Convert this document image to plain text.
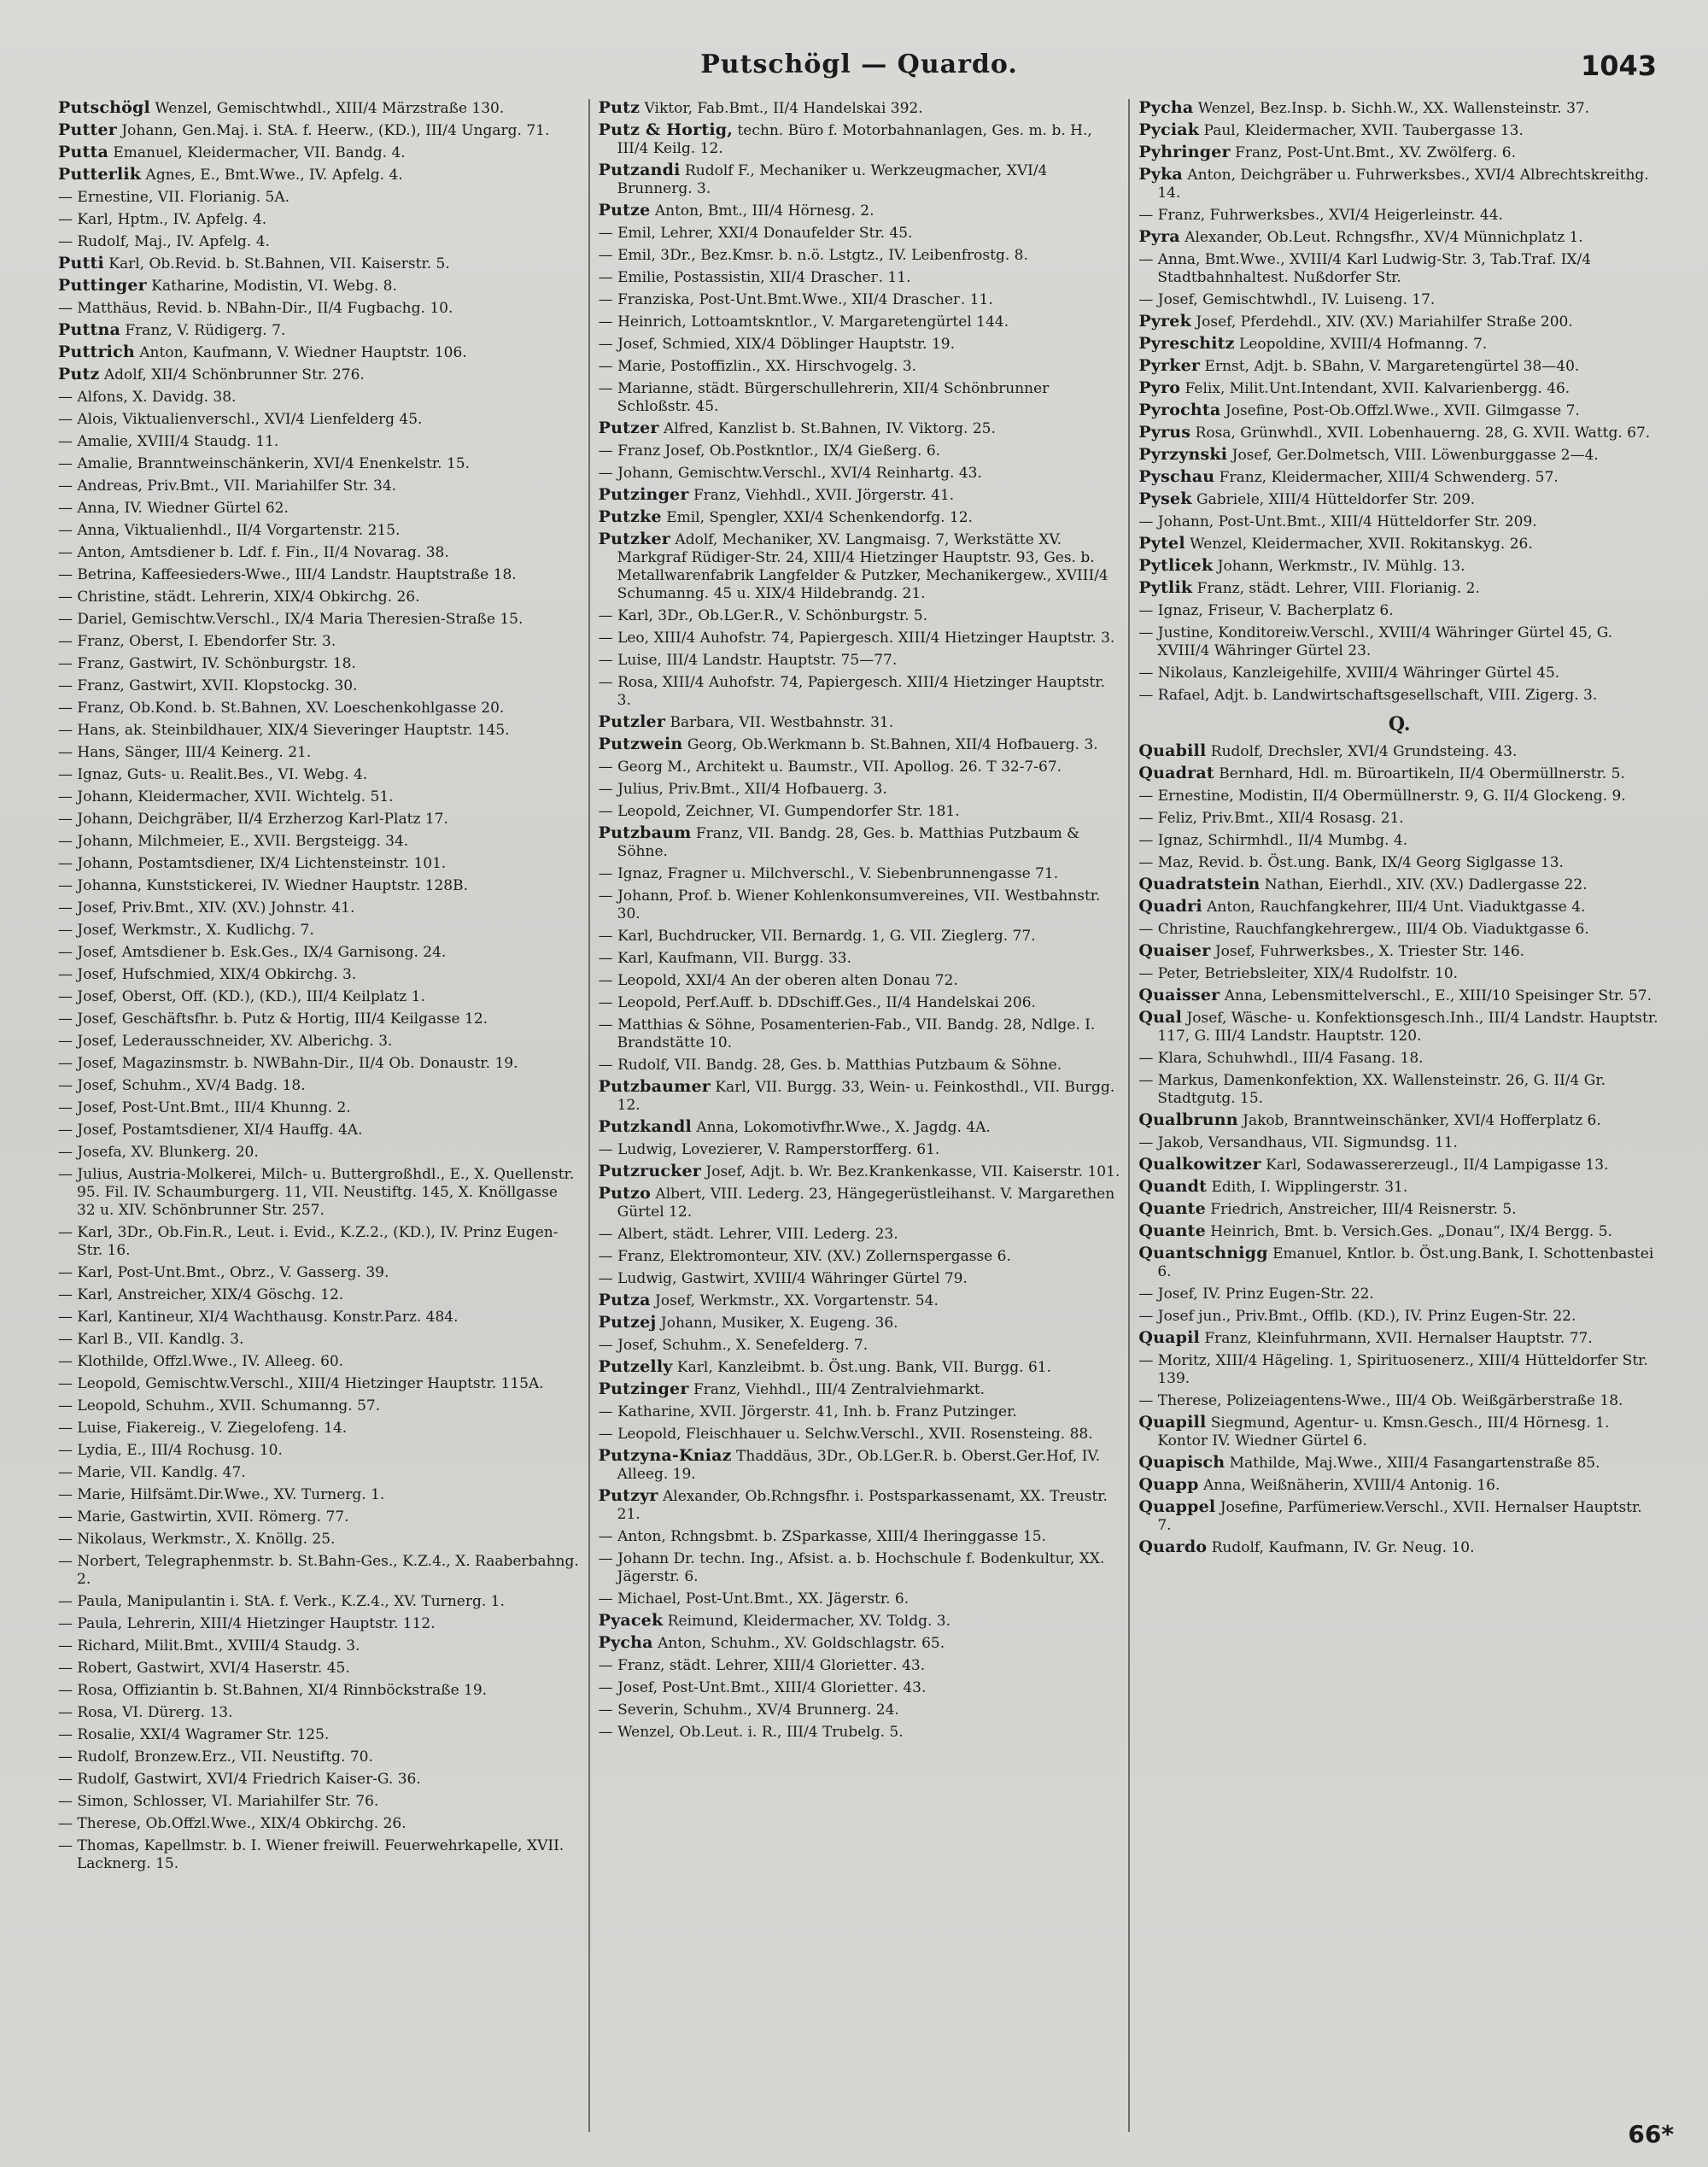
Putschögl — Quardo.	1043
Putschögl Wenzel, Gemischtwhdl., XIII/4 Märzstraße 130.
Putter Johann, Gen.Maj. i. StA. f. Heerw., (KD.), III/4 Ungarg. 71.
Putta Emanuel, Kleidermacher, VII. Bandg. 4.
Putterlik Agnes, E., Bmt.Wwe., IV. Apfelg. 4.
— Ernestine, VII. Florianig. 5A.
— Karl, Hptm., IV. Apfelg. 4.
— Rudolf, Maj., IV. Apfelg. 4.
Putti Karl, Ob.Revid. b. St.Bahnen, VII. Kaiserstr. 5.
Puttinger Katharine, Modistin, VI. Webg. 8.
— Matthäus, Revid. b. NBahn-Dir., II/4 Fugbachg. 10.
Puttna Franz, V. Rüdigerg. 7.
Puttrich Anton, Kaufmann, V. Wiedner Hauptstr. 106.
Putz Adolf, XII/4 Schönbrunner Str. 276.
— Alfons, X. Davidg. 38.
— Alois, Viktualienverschl., XVI/4 Lienfelderg 45.
— Amalie, XVIII/4 Staudg. 11.
— Amalie, Branntweinschänkerin, XVI/4 Enenkelstr. 15.
— Andreas, Priv.Bmt., VII. Mariahilfer Str. 34.
— Anna, IV. Wiedner Gürtel 62.
— Anna, Viktualienhdl., II/4 Vorgartenstr. 215.
— Anton, Amtsdiener b. Ldf. f. Fin., II/4 Novarag. 38.
— Betrina, Kaffeesieders-Wwe., III/4 Landstr. Hauptstraße 18.
— Christine, städt. Lehrerin, XIX/4 Obkirchg. 26.
— Dariel, Gemischtw.Verschl., IX/4 Maria Theresien-Straße 15.
— Franz, Oberst, I. Ebendorfer Str. 3.
— Franz, Gastwirt, IV. Schönburgstr. 18.
— Franz, Gastwirt, XVII. Klopstockg. 30.
— Franz, Ob.Kond. b. St.Bahnen, XV. Loeschenkohlgasse 20.
— Hans, ak. Steinbildhauer, XIX/4 Sieveringer Hauptstr. 145.
— Hans, Sänger, III/4 Keinerg. 21.
— Ignaz, Guts- u. Realit.Bes., VI. Webg. 4.
— Johann, Kleidermacher, XVII. Wichtelg. 51.
— Johann, Deichgräber, II/4 Erzherzog Karl-Platz 17.
— Johann, Milchmeier, E., XVII. Bergsteigg. 34.
— Johann, Postamtsdiener, IX/4 Lichtensteinstr. 101.
— Johanna, Kunststickerei, IV. Wiedner Hauptstr. 128B.
— Josef, Priv.Bmt., XIV. (XV.) Johnstr. 41.
— Josef, Werkmstr., X. Kudlichg. 7.
— Josef, Amtsdiener b. Esk.Ges., IX/4 Garnisong. 24.
— Josef, Hufschmied, XIX/4 Obkirchg. 3.
— Josef, Oberst, Off. (KD.), (KD.), III/4 Keilplatz 1.
— Josef, Geschäftsfhr. b. Putz & Hortig, III/4 Keilgasse 12.
— Josef, Lederausschneider, XV. Alberichg. 3.
— Josef, Magazinsmstr. b. NWBahn-Dir., II/4 Ob. Donaustr. 19.
— Josef, Schuhm., XV/4 Badg. 18.
— Josef, Post-Unt.Bmt., III/4 Khunng. 2.
— Josef, Postamtsdiener, XI/4 Hauffg. 4A.
— Josefa, XV. Blunkerg. 20.
— Julius, Austria-Molkerei, Milch- u. Buttergroßhdl., E., X. Quellenstr. 95. Fil. IV. Schaumburgerg. 11, VII. Neustiftg. 145, X. Knöllgasse 32 u. XIV. Schönbrunner Str. 257.
— Karl, 3Dr., Ob.Fin.R., Leut. i. Evid., K.Z.2., (KD.), IV. Prinz Eugen-Str. 16.
— Karl, Post-Unt.Bmt., Obrz., V. Gasserg. 39.
— Karl, Anstreicher, XIX/4 Göschg. 12.
— Karl, Kantineur, XI/4 Wachthausg. Konstr.Parz. 484.
— Karl B., VII. Kandlg. 3.
— Klothilde, Offzl.Wwe., IV. Alleeg. 60.
— Leopold, Gemischtw.Verschl., XIII/4 Hietzinger Hauptstr. 115A.
— Leopold, Schuhm., XVII. Schumanng. 57.
— Luise, Fiakereig., V. Ziegelofeng. 14.
— Lydia, E., III/4 Rochusg. 10.
— Marie, VII. Kandlg. 47.
— Marie, Hilfsämt.Dir.Wwe., XV. Turnerg. 1.
— Marie, Gastwirtin, XVII. Römerg. 77.
— Nikolaus, Werkmstr., X. Knöllg. 25.
— Norbert, Telegraphenmstr. b. St.Bahn-Ges., K.Z.4., X. Raaberbahng. 2.
— Paula, Manipulantin i. StA. f. Verk., K.Z.4., XV. Turnerg. 1.
— Paula, Lehrerin, XIII/4 Hietzinger Hauptstr. 112.
— Richard, Milit.Bmt., XVIII/4 Staudg. 3.
— Robert, Gastwirt, XVI/4 Haserstr. 45.
— Rosa, Offiziantin b. St.Bahnen, XI/4 Rinnböckstraße 19.
— Rosa, VI. Dürerg. 13.
— Rosalie, XXI/4 Wagramer Str. 125.
— Rudolf, Bronzew.Erz., VII. Neustiftg. 70.
— Rudolf, Gastwirt, XVI/4 Friedrich Kaiser-G. 36.
— Simon, Schlosser, VI. Mariahilfer Str. 76.
— Therese, Ob.Offzl.Wwe., XIX/4 Obkirchg. 26.
— Thomas, Kapellmstr. b. I. Wiener freiwill. Feuerwehrkapelle, XVII. Lacknerg. 15.
Putz Viktor, Fab.Bmt., II/4 Handelskai 392.
Putz & Hortig, techn. Büro f. Motorbahnanlagen, Ges. m. b. H., III/4 Keilg. 12.
Putzandi Rudolf F., Mechaniker u. Werkzeugmacher, XVI/4 Brunnerg. 3.
Putze Anton, Bmt., III/4 Hörnesg. 2.
— Emil, Lehrer, XXI/4 Donaufelder Str. 45.
— Emil, 3Dr., Bez.Kmsr. b. n.ö. Lstgtz., IV. Leibenfrostg. 8.
— Emilie, Postassistin, XII/4 Draschег. 11.
— Franziska, Post-Unt.Bmt.Wwe., XII/4 Draschег. 11.
— Heinrich, Lottoamtskntlor., V. Margaretengürtel 144.
— Josef, Schmied, XIX/4 Döblinger Hauptstr. 19.
— Marie, Postoffizlin., XX. Hirschvogelg. 3.
— Marianne, städt. Bürgerschullehrerin, XII/4 Schönbrunner Schloßstr. 45.
Putzer Alfred, Kanzlist b. St.Bahnen, IV. Viktorg. 25.
— Franz Josef, Ob.Postkntlor., IX/4 Gießerg. 6.
— Johann, Gemischtw.Verschl., XVI/4 Reinhartg. 43.
Putzinger Franz, Viehhdl., XVII. Jörgerstr. 41.
Putzke Emil, Spengler, XXI/4 Schenkendorfg. 12.
Putzker Adolf, Mechaniker, XV. Langmaisg. 7, Werkstätte XV. Markgraf Rüdiger-Str. 24, XIII/4 Hietzinger Hauptstr. 93, Ges. b. Metallwarenfabrik Langfelder & Putzker, Mechanikergew., XVIII/4 Schumanng. 45 u. XIX/4 Hildebrandg. 21.
— Karl, 3Dr., Ob.LGer.R., V. Schönburgstr. 5.
— Leo, XIII/4 Auhofstr. 74, Papiergesch. XIII/4 Hietzinger Hauptstr. 3.
— Luise, III/4 Landstr. Hauptstr. 75—77.
— Rosa, XIII/4 Auhofstr. 74, Papiergesch. XIII/4 Hietzinger Hauptstr. 3.
Putzler Barbara, VII. Westbahnstr. 31.
Putzwein Georg, Ob.Werkmann b. St.Bahnen, XII/4 Hofbauerg. 3.
— Georg M., Architekt u. Baumstr., VII. Apollog. 26. T 32-7-67.
— Julius, Priv.Bmt., XII/4 Hofbauerg. 3.
— Leopold, Zeichner, VI. Gumpendorfer Str. 181.
Putzbaum Franz, VII. Bandg. 28, Ges. b. Matthias Putzbaum & Söhne.
— Ignaz, Fragner u. Milchverschl., V. Siebenbrunnengasse 71.
— Johann, Prof. b. Wiener Kohlenkonsumvereines, VII. Westbahnstr. 30.
— Karl, Buchdrucker, VII. Bernardg. 1, G. VII. Zieglerg. 77.
— Karl, Kaufmann, VII. Burgg. 33.
— Leopold, XXI/4 An der oberen alten Donau 72.
— Leopold, Perf.Auff. b. DDschiff.Ges., II/4 Handelskai 206.
— Matthias & Söhne, Posamenterien-Fab., VII. Bandg. 28, Ndlge. I. Brandstätte 10.
— Rudolf, VII. Bandg. 28, Ges. b. Matthias Putzbaum & Söhne.
Putzbaumer Karl, VII. Burgg. 33, Wein- u. Feinkosthdl., VII. Burgg. 12.
Putzkandl Anna, Lokomotivfhr.Wwe., X. Jagdg. 4A.
— Ludwig, Lovezierer, V. Ramperstorfferg. 61.
Putzrucker Josef, Adjt. b. Wr. Bez.Krankenkasse, VII. Kaiserstr. 101.
Putzo Albert, VIII. Lederg. 23, Hängegerüstleihanst. V. Margarethen Gürtel 12.
— Albert, städt. Lehrer, VIII. Lederg. 23.
— Franz, Elektromonteur, XIV. (XV.) Zollernspergasse 6.
— Ludwig, Gastwirt, XVIII/4 Währinger Gürtel 79.
Putza Josef, Werkmstr., XX. Vorgartenstr. 54.
Putzej Johann, Musiker, X. Eugeng. 36.
— Josef, Schuhm., X. Senefelderg. 7.
Putzelly Karl, Kanzleibmt. b. Öst.ung. Bank, VII. Burgg. 61.
Putzinger Franz, Viehhdl., III/4 Zentralviehmarkt.
— Katharine, XVII. Jörgerstr. 41, Inh. b. Franz Putzinger.
— Leopold, Fleischhauer u. Selchw.Verschl., XVII. Rosensteing. 88.
Putzyna-Kniaz Thaddäus, 3Dr., Ob.LGer.R. b. Oberst.Ger.Hof, IV. Alleeg. 19.
Putzyr Alexander, Ob.Rchngsfhr. i. Postsparkassenamt, XX. Treustr. 21.
— Anton, Rchngsbmt. b. ZSparkasse, XIII/4 Iheringgasse 15.
— Johann Dr. techn. Ing., Afsist. a. b. Hochschule f. Bodenkultur, XX. Jägerstr. 6.
— Michael, Post-Unt.Bmt., XX. Jägerstr. 6.
Pyacek Reimund, Kleidermacher, XV. Toldg. 3.
Pycha Anton, Schuhm., XV. Goldschlagstr. 65.
— Franz, städt. Lehrer, XIII/4 Gloriettег. 43.
— Josef, Post-Unt.Bmt., XIII/4 Gloriettег. 43.
— Severin, Schuhm., XV/4 Brunnerg. 24.
— Wenzel, Ob.Leut. i. R., III/4 Trubelg. 5.
Pycha Wenzel, Bez.Insp. b. Sichh.W., XX. Wallensteinstr. 37.
Pyciak Paul, Kleidermacher, XVII. Taubergasse 13.
Pyhringer Franz, Post-Unt.Bmt., XV. Zwölferg. 6.
Pyka Anton, Deichgräber u. Fuhrwerksbes., XVI/4 Albrechtskreithg. 14.
— Franz, Fuhrwerksbes., XVI/4 Heigerleinstr. 44.
Pyra Alexander, Ob.Leut. Rchngsfhr., XV/4 Münnichplatz 1.
— Anna, Bmt.Wwe., XVIII/4 Karl Ludwig-Str. 3, Tab.Traf. IX/4 Stadtbahnhaltest. Nußdorfer Str.
— Josef, Gemischtwhdl., IV. Luiseng. 17.
Pyrek Josef, Pferdehdl., XIV. (XV.) Mariahilfer Straße 200.
Pyreschitz Leopoldine, XVIII/4 Hofmanng. 7.
Pyrker Ernst, Adjt. b. SBahn, V. Margaretengürtel 38—40.
Pyro Felix, Milit.Unt.Intendant, XVII. Kalvarienbergg. 46.
Pyrochta Josefine, Post-Ob.Offzl.Wwe., XVII. Gilmgasse 7.
Pyrus Rosa, Grünwhdl., XVII. Lobenhauerng. 28, G. XVII. Wattg. 67.
Pyrzynski Josef, Ger.Dolmetsch, VIII. Löwenburggasse 2—4.
Pyschau Franz, Kleidermacher, XIII/4 Schwenderg. 57.
Pysek Gabriele, XIII/4 Hütteldorfer Str. 209.
— Johann, Post-Unt.Bmt., XIII/4 Hütteldorfer Str. 209.
Pytel Wenzel, Kleidermacher, XVII. Rokitanskyg. 26.
Pytlicek Johann, Werkmstr., IV. Mühlg. 13.
Pytlik Franz, städt. Lehrer, VIII. Florianig. 2.
— Ignaz, Friseur, V. Bacherplatz 6.
— Justine, Konditoreiw.Verschl., XVIII/4 Währinger Gürtel 45, G. XVIII/4 Währinger Gürtel 23.
— Nikolaus, Kanzleigehilfe, XVIII/4 Währinger Gürtel 45.
— Rafael, Adjt. b. Landwirtschaftsgesellschaft, VIII. Zigerg. 3.
Q.
Quabill Rudolf, Drechsler, XVI/4 Grundsteing. 43.
Quadrat Bernhard, Hdl. m. Büroartikeln, II/4 Obermüllnerstr. 5.
— Ernestine, Modistin, II/4 Obermüllnerstr. 9, G. II/4 Glockeng. 9.
— Feliz, Priv.Bmt., XII/4 Rosasg. 21.
— Ignaz, Schirmhdl., II/4 Mumbg. 4.
— Maz, Revid. b. Öst.ung. Bank, IX/4 Georg Siglgasse 13.
Quadratstein Nathan, Eierhdl., XIV. (XV.) Dadlergasse 22.
Quadri Anton, Rauchfangkehrer, III/4 Unt. Viaduktgasse 4.
— Christine, Rauchfangkehrergew., III/4 Ob. Viaduktgasse 6.
Quaiser Josef, Fuhrwerksbes., X. Triester Str. 146.
— Peter, Betriebsleiter, XIX/4 Rudolfstr. 10.
Quaisser Anna, Lebensmittelverschl., E., XIII/10 Speisinger Str. 57.
Qual Josef, Wäsche- u. Konfektionsgesch.Inh., III/4 Landstr. Hauptstr. 117, G. III/4 Landstr. Hauptstr. 120.
— Klara, Schuhwhdl., III/4 Fasang. 18.
— Markus, Damenkonfektion, XX. Wallensteinstr. 26, G. II/4 Gr. Stadtgutg. 15.
Qualbrunn Jakob, Branntweinschänker, XVI/4 Hofferplatz 6.
— Jakob, Versandhaus, VII. Sigmundsg. 11.
Qualkowitzer Karl, Sodawassererzeugl., II/4 Lampigasse 13.
Quandt Edith, I. Wipplingerstr. 31.
Quante Friedrich, Anstreicher, III/4 Reisnerstr. 5.
Quante Heinrich, Bmt. b. Versich.Ges. „Donau“, IX/4 Bergg. 5.
Quantschnigg Emanuel, Kntlor. b. Öst.ung.Bank, I. Schottenbastei 6.
— Josef, IV. Prinz Eugen-Str. 22.
— Josef jun., Priv.Bmt., Offlb. (KD.), IV. Prinz Eugen-Str. 22.
Quapil Franz, Kleinfuhrmann, XVII. Hernalser Hauptstr. 77.
— Moritz, XIII/4 Hägeling. 1, Spirituosenerz., XIII/4 Hütteldorfer Str. 139.
— Therese, Polizeiagentens-Wwe., III/4 Ob. Weißgärberstraße 18.
Quapill Siegmund, Agentur- u. Kmsn.Gesch., III/4 Hörnesg. 1. Kontor IV. Wiedner Gürtel 6.
Quapisch Mathilde, Maj.Wwe., XIII/4 Fasangartenstraße 85.
Quapp Anna, Weißnäherin, XVIII/4 Antonig. 16.
Quappel Josefine, Parfümeriew.Verschl., XVII. Hernalser Hauptstr. 7.
Quardo Rudolf, Kaufmann, IV. Gr. Neug. 10.
66*
